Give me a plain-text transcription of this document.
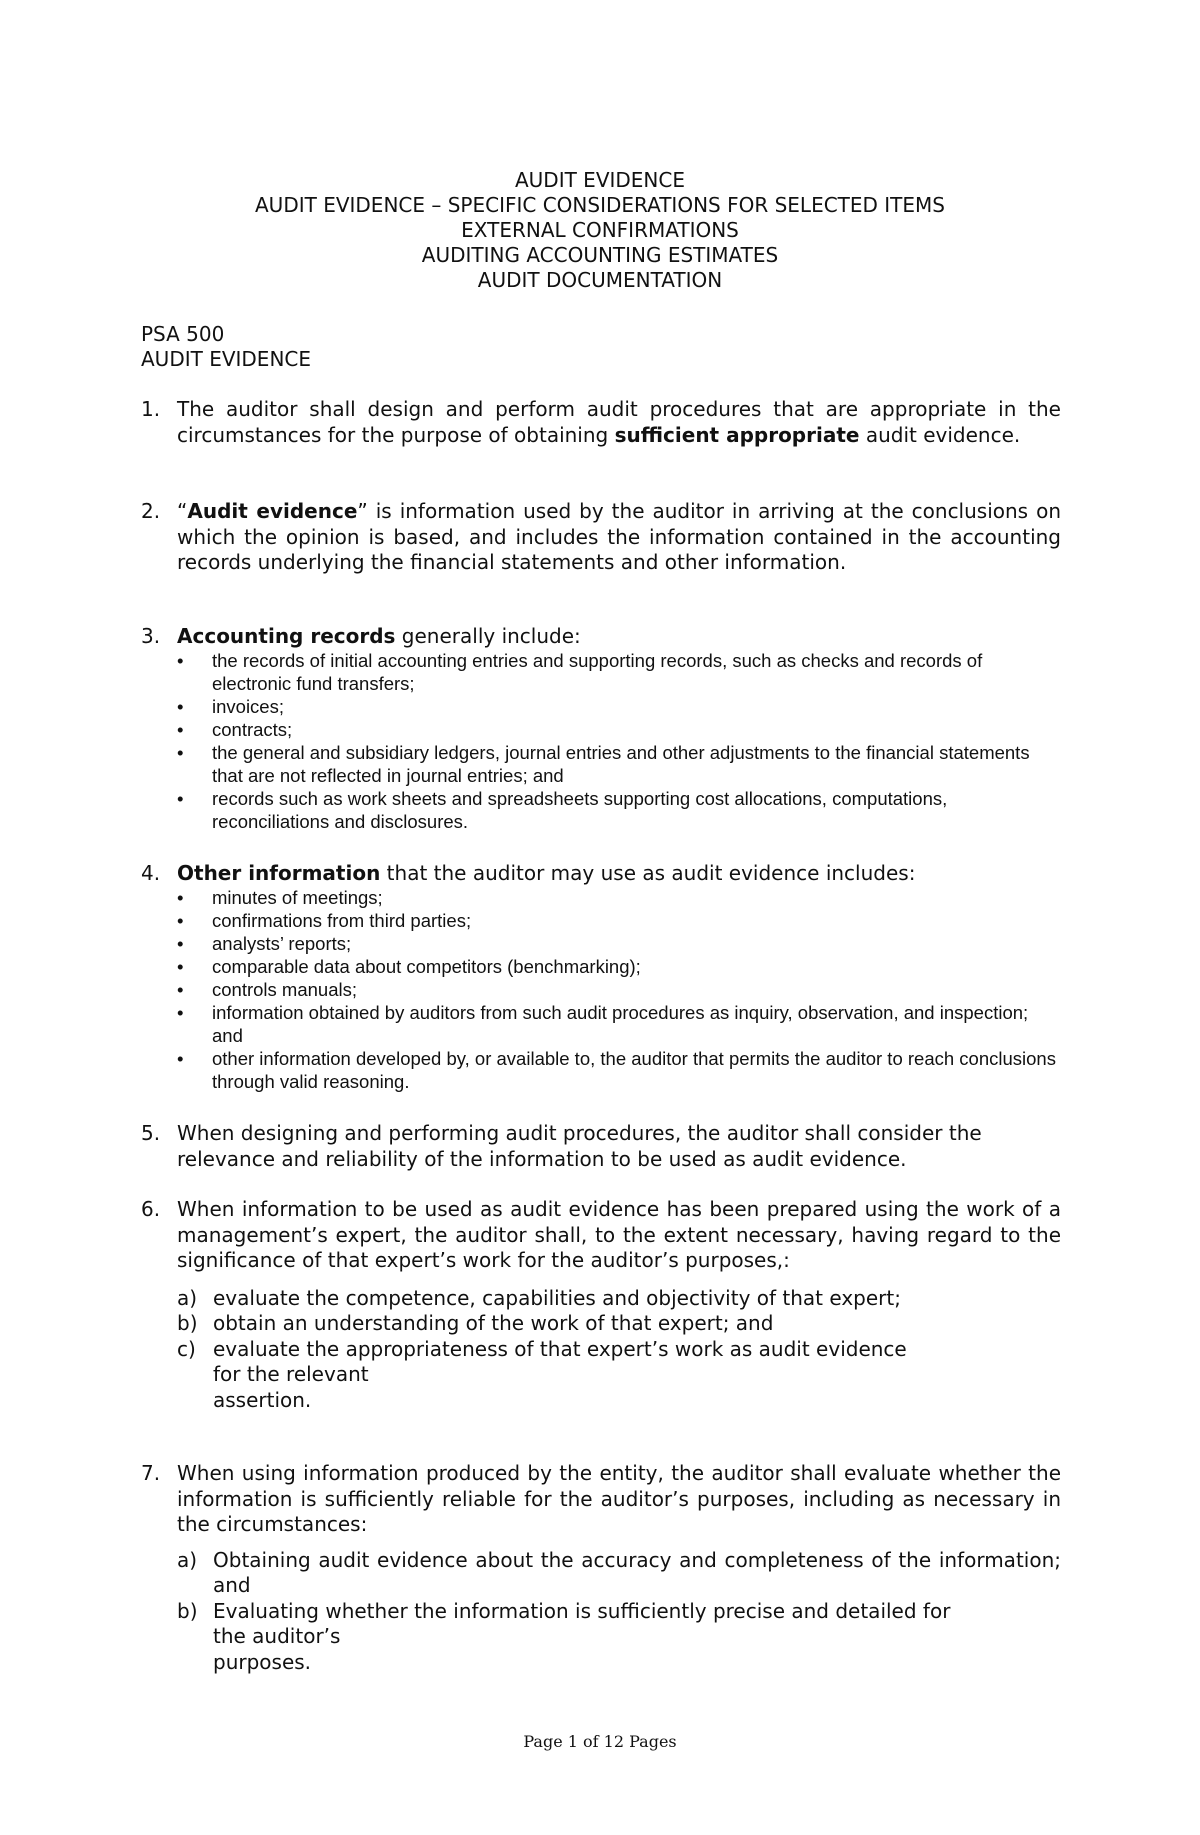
AUDIT EVIDENCE
AUDIT EVIDENCE – SPECIFIC CONSIDERATIONS FOR SELECTED ITEMS
EXTERNAL CONFIRMATIONS
AUDITING ACCOUNTING ESTIMATES
AUDIT DOCUMENTATION
PSA 500
AUDIT EVIDENCE
1. The auditor shall design and perform audit procedures that are appropriate in the circumstances for the purpose of obtaining sufficient appropriate audit evidence.
2. “Audit evidence” is information used by the auditor in arriving at the conclusions on which the opinion is based, and includes the information contained in the accounting records underlying the financial statements and other information.
3. Accounting records generally include:
• the records of initial accounting entries and supporting records, such as checks and records of electronic fund transfers;
• invoices;
• contracts;
• the general and subsidiary ledgers, journal entries and other adjustments to the financial statements that are not reflected in journal entries; and
• records such as work sheets and spreadsheets supporting cost allocations, computations, reconciliations and disclosures.
4. Other information that the auditor may use as audit evidence includes:
• minutes of meetings;
• confirmations from third parties;
• analysts’ reports;
• comparable data about competitors (benchmarking);
• controls manuals;
• information obtained by auditors from such audit procedures as inquiry, observation, and inspection; and
• other information developed by, or available to, the auditor that permits the auditor to reach conclusions through valid reasoning.
5. When designing and performing audit procedures, the auditor shall consider the relevance and reliability of the information to be used as audit evidence.
6. When information to be used as audit evidence has been prepared using the work of a management’s expert, the auditor shall, to the extent necessary, having regard to the significance of that expert’s work for the auditor’s purposes,:
a) evaluate the competence, capabilities and objectivity of that expert;
b) obtain an understanding of the work of that expert; and
c) evaluate the appropriateness of that expert’s work as audit evidence for the relevant
assertion.
7. When using information produced by the entity, the auditor shall evaluate whether the information is sufficiently reliable for the auditor’s purposes, including as necessary in the circumstances:
a) Obtaining audit evidence about the accuracy and completeness of the information; and
b) Evaluating whether the information is sufficiently precise and detailed for the auditor’s
purposes.
Page 1 of 12 Pages
